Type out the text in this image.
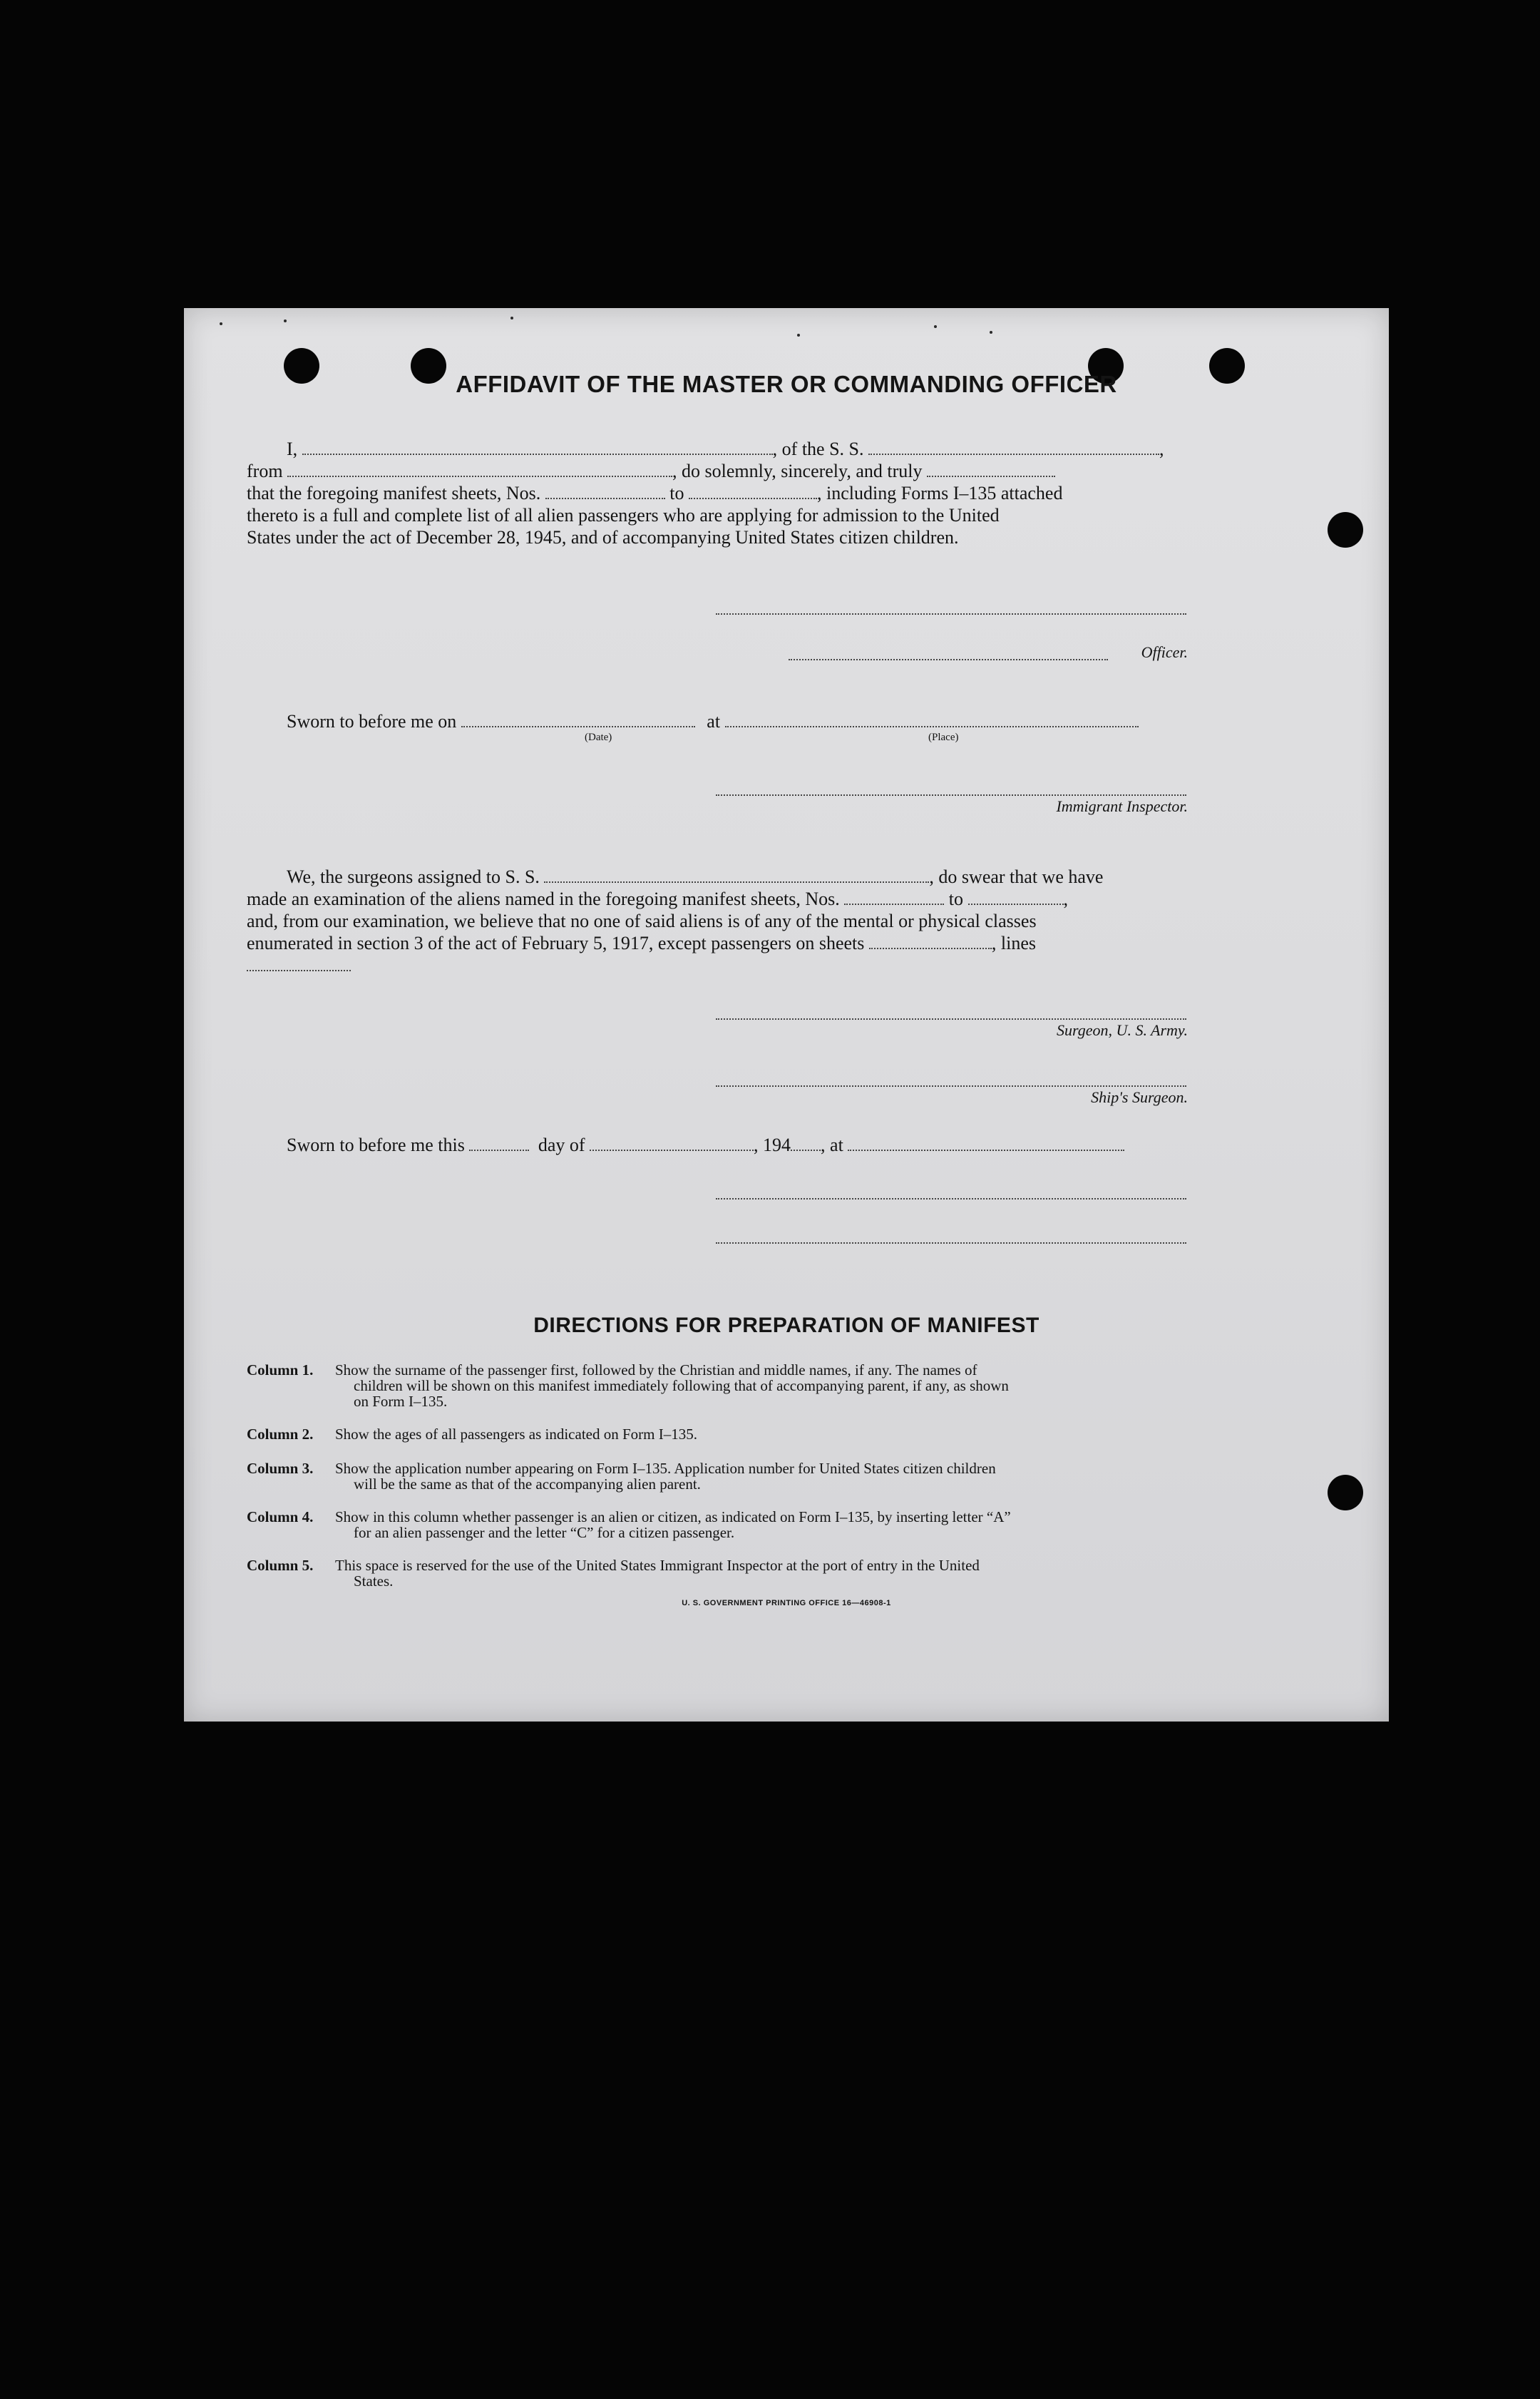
AFFIDAVIT OF THE MASTER OR COMMANDING OFFICER
I,	, of the S. S.	,
from	, do solemnly, sincerely, and truly
that the foregoing manifest sheets, Nos.	to	, including Forms I–135 attached
thereto is a full and complete list of all alien passengers who are applying for admission to the United
States under the act of December 28, 1945, and of accompanying United States citizen children.
Officer.
Sworn to before me on	at
(Date)	(Place)
Immigrant Inspector.
We, the surgeons assigned to S. S.	, do swear that we have
made an examination of the aliens named in the foregoing manifest sheets, Nos.	to	,
and, from our examination, we believe that no one of said aliens is of any of the mental or physical classes
enumerated in section 3 of the act of February 5, 1917, except passengers on sheets	, lines
Surgeon, U. S. Army.
Ship's Surgeon.
Sworn to before me this	day of	, 194 , at
DIRECTIONS FOR PREPARATION OF MANIFEST
Column 1.	Show the surname of the passenger first, followed by the Christian and middle names, if any. The names of
children will be shown on this manifest immediately following that of accompanying parent, if any, as shown
on Form I–135.
Column 2.	Show the ages of all passengers as indicated on Form I–135.
Column 3.	Show the application number appearing on Form I–135. Application number for United States citizen children
will be the same as that of the accompanying alien parent.
Column 4.	Show in this column whether passenger is an alien or citizen, as indicated on Form I–135, by inserting letter “A”
for an alien passenger and the letter “C” for a citizen passenger.
Column 5.	This space is reserved for the use of the United States Immigrant Inspector at the port of entry in the United
States.
U. S. GOVERNMENT PRINTING OFFICE 16—46908-1
